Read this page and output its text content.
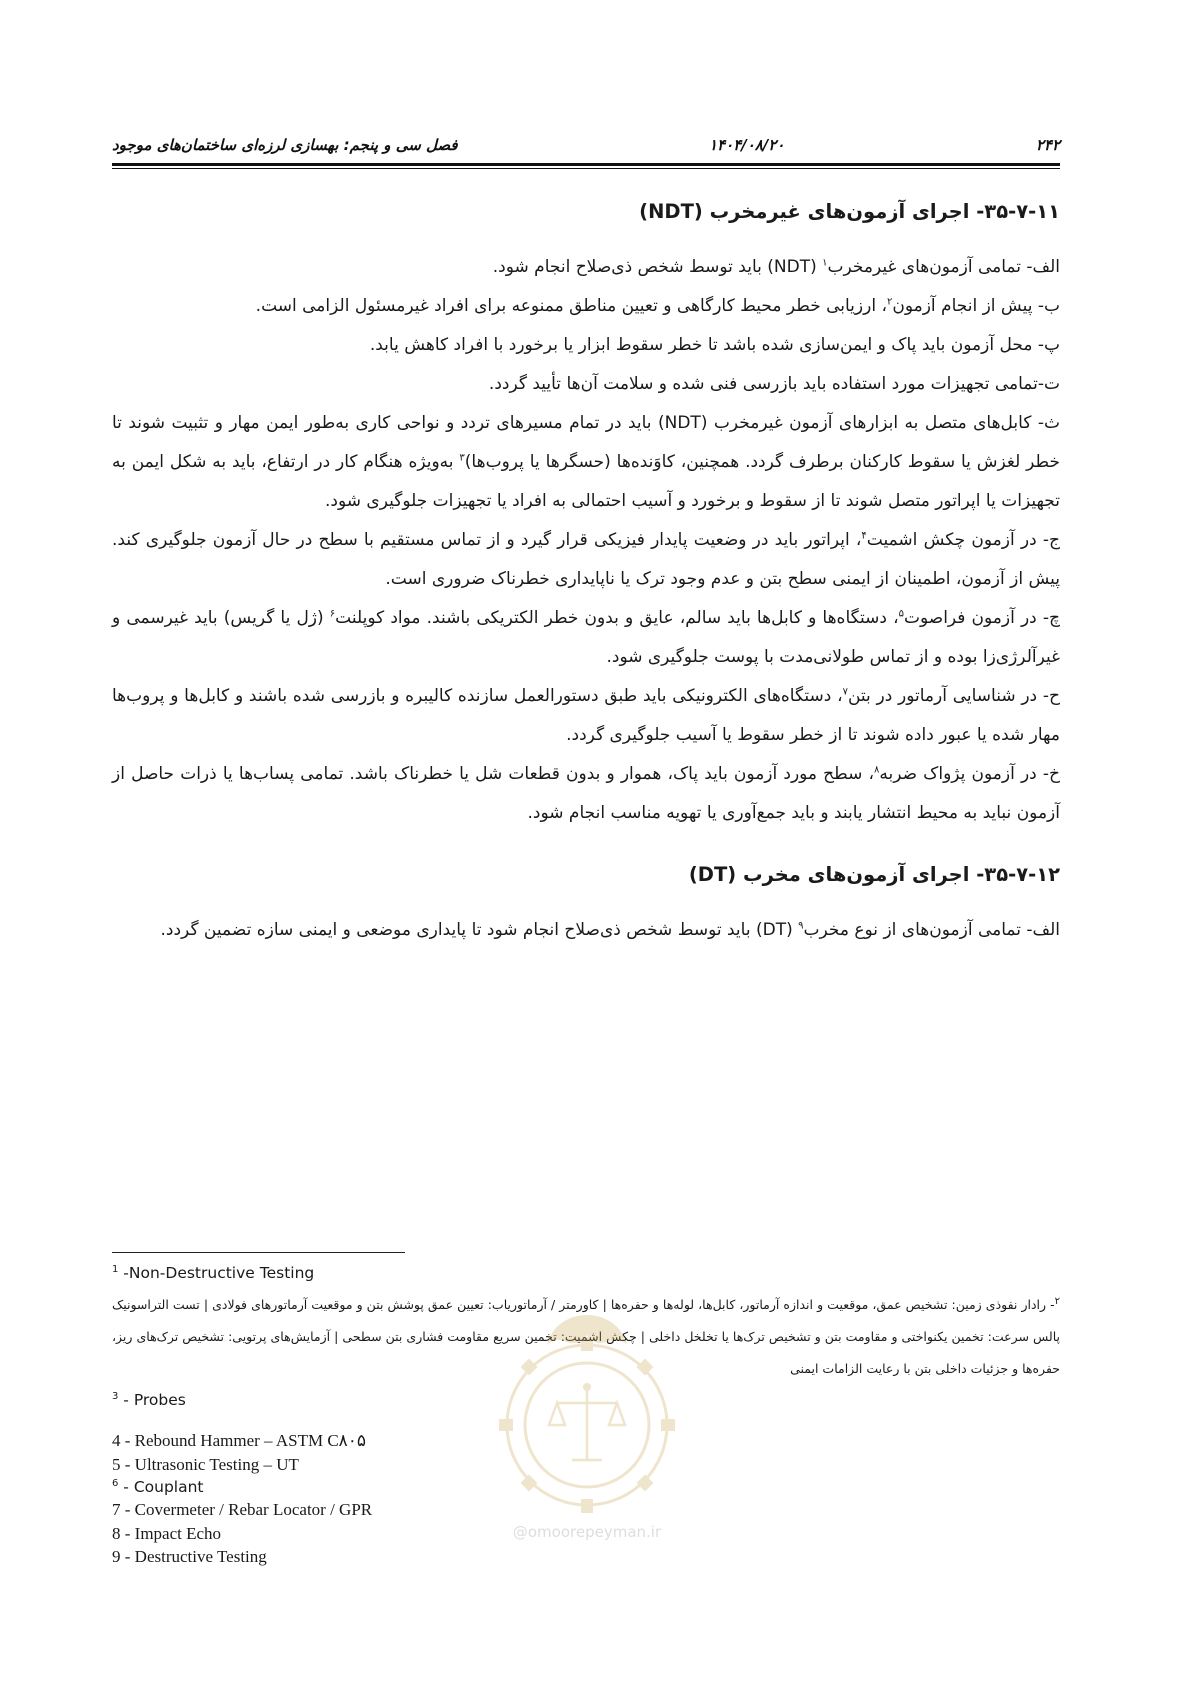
فصل سی و پنجم: بهسازی لرزه‌ای ساختمان‌های موجود	۱۴۰۴/۰۸/۲۰	۲۴۲
۳۵-۷-۱۱- اجرای آزمون‌های غیرمخرب (NDT)

الف- تمامی آزمون‌های غیرمخرب$^۱$ (NDT) باید توسط شخص ذی‌صلاح انجام شود.

ب- پیش از انجام آزمون$^۲$، ارزیابی خطر محیط کارگاهی و تعیین مناطق ممنوعه برای افراد غیرمسئول الزامی است.

پ- محل آزمون باید پاک و ایمن‌سازی شده باشد تا خطر سقوط ابزار یا برخورد با افراد کاهش یابد.

ت-تمامی تجهیزات مورد استفاده باید بازرسی فنی شده و سلامت آن‌ها تأیید گردد.

ث- کابل‌های متصل به ابزارهای آزمون غیرمخرب (NDT) باید در تمام مسیرهای تردد و نواحی کاری به‌طور ایمن مهار و تثبیت شوند تا خطر لغزش یا سقوط کارکنان برطرف گردد. همچنین، کاوَنده‌ها (حسگرها یا پروب‌ها)$^۳$ به‌ویژه هنگام کار در ارتفاع، باید به شکل ایمن به تجهیزات یا اپراتور متصل شوند تا از سقوط و برخورد و آسیب احتمالی به افراد یا تجهیزات جلوگیری شود.

ج- در آزمون چکش اشمیت$^۴$، اپراتور باید در وضعیت پایدار فیزیکی قرار گیرد و از تماس مستقیم با سطح در حال آزمون جلوگیری کند. پیش از آزمون، اطمینان از ایمنی سطح بتن و عدم وجود ترک یا ناپایداری خطرناک ضروری است.

چ- در آزمون فراصوت$^۵$، دستگاه‌ها و کابل‌ها باید سالم، عایق و بدون خطر الکتریکی باشند. مواد کوپلنت$^۶$ (ژل یا گریس) باید غیرسمی و غیرآلرژی‌زا بوده و از تماس طولانی‌مدت با پوست جلوگیری شود.

ح- در شناسایی آرماتور در بتن$^۷$، دستگاه‌های الکترونیکی باید طبق دستورالعمل سازنده کالیبره و بازرسی شده باشند و کابل‌ها و پروب‌ها مهار شده یا عبور داده شوند تا از خطر سقوط یا آسیب جلوگیری گردد.

خ- در آزمون پژواک ضربه$^۸$، سطح مورد آزمون باید پاک، هموار و بدون قطعات شل یا خطرناک باشد. تمامی پساب‌ها یا ذرات حاصل از آزمون نباید به محیط انتشار یابند و باید جمع‌آوری یا تهویه مناسب انجام شود.

۳۵-۷-۱۲- اجرای آزمون‌های مخرب (DT)

الف- تمامی آزمون‌های از نوع مخرب$^۹$ (DT) باید توسط شخص ذی‌صلاح انجام شود تا پایداری موضعی و ایمنی سازه تضمین گردد.

$^1$ -Non-Destructive Testing
$^۲$- رادار نفوذی زمین: تشخیص عمق، موقعیت و اندازه آرماتور، کابل‌ها، لوله‌ها و حفره‌ها | کاورمتر / آرماتوریاب: تعیین عمق پوشش بتن و موقعیت آرماتورهای فولادی | تست التراسونیک پالس سرعت: تخمین یکنواختی و مقاومت بتن و تشخیص ترک‌ها یا تخلخل داخلی | چکش اشمیت: تخمین سریع مقاومت فشاری بتن سطحی | آزمایش‌های پرتویی: تشخیص ترک‌های ریز، حفره‌ها و جزئیات داخلی بتن با رعایت الزامات ایمنی
$^3$ - Probes
4 - Rebound Hammer – ASTM C۸۰۵
5 - Ultrasonic Testing – UT
$^6$ - Couplant
7 - Covermeter / Rebar Locator / GPR
8 - Impact Echo
9 - Destructive Testing
@omoorepeyman.ir
